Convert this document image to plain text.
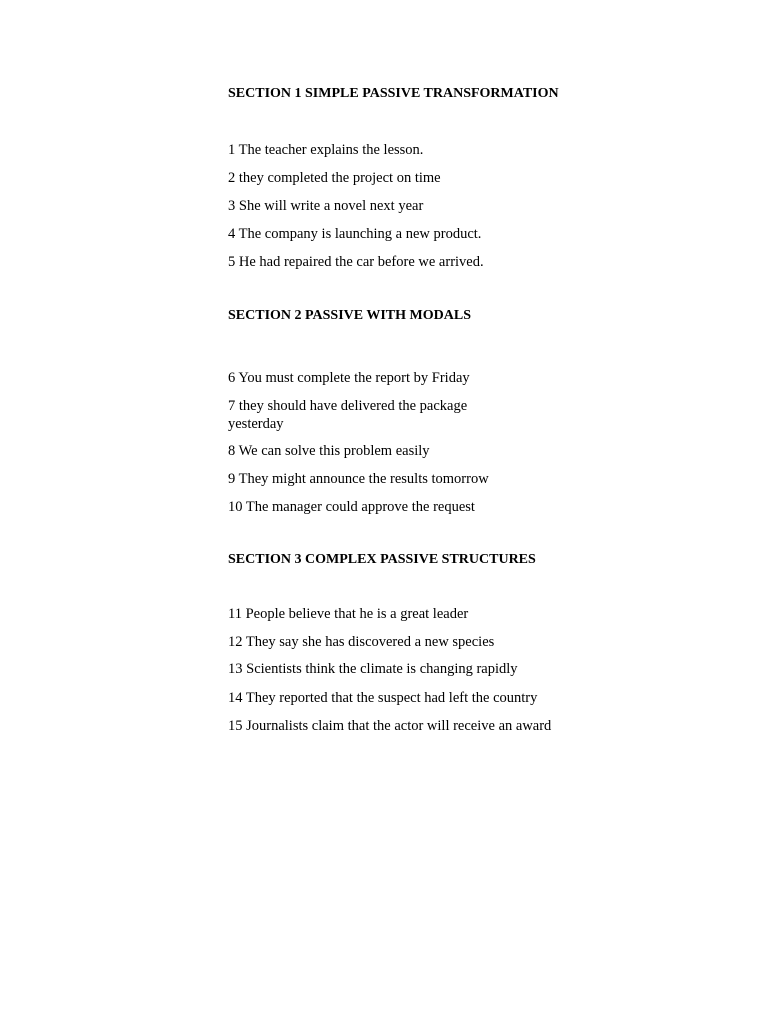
SECTION 1 SIMPLE PASSIVE TRANSFORMATION

1 The teacher explains the lesson.

2 they completed the project on time

3 She will write a novel next year

4 The company is launching a new product.

5 He had repaired the car before we arrived.

SECTION 2 PASSIVE WITH MODALS

6 You must complete the report by Friday

7 they should have delivered the package yesterday

8 We can solve this problem easily

9 They might announce the results tomorrow

10 The manager could approve the request

SECTION 3 COMPLEX PASSIVE STRUCTURES

11 People believe that he is a great leader

12 They say she has discovered a new species

13 Scientists think the climate is changing rapidly

14 They reported that the suspect had left the country

15 Journalists claim that the actor will receive an award
